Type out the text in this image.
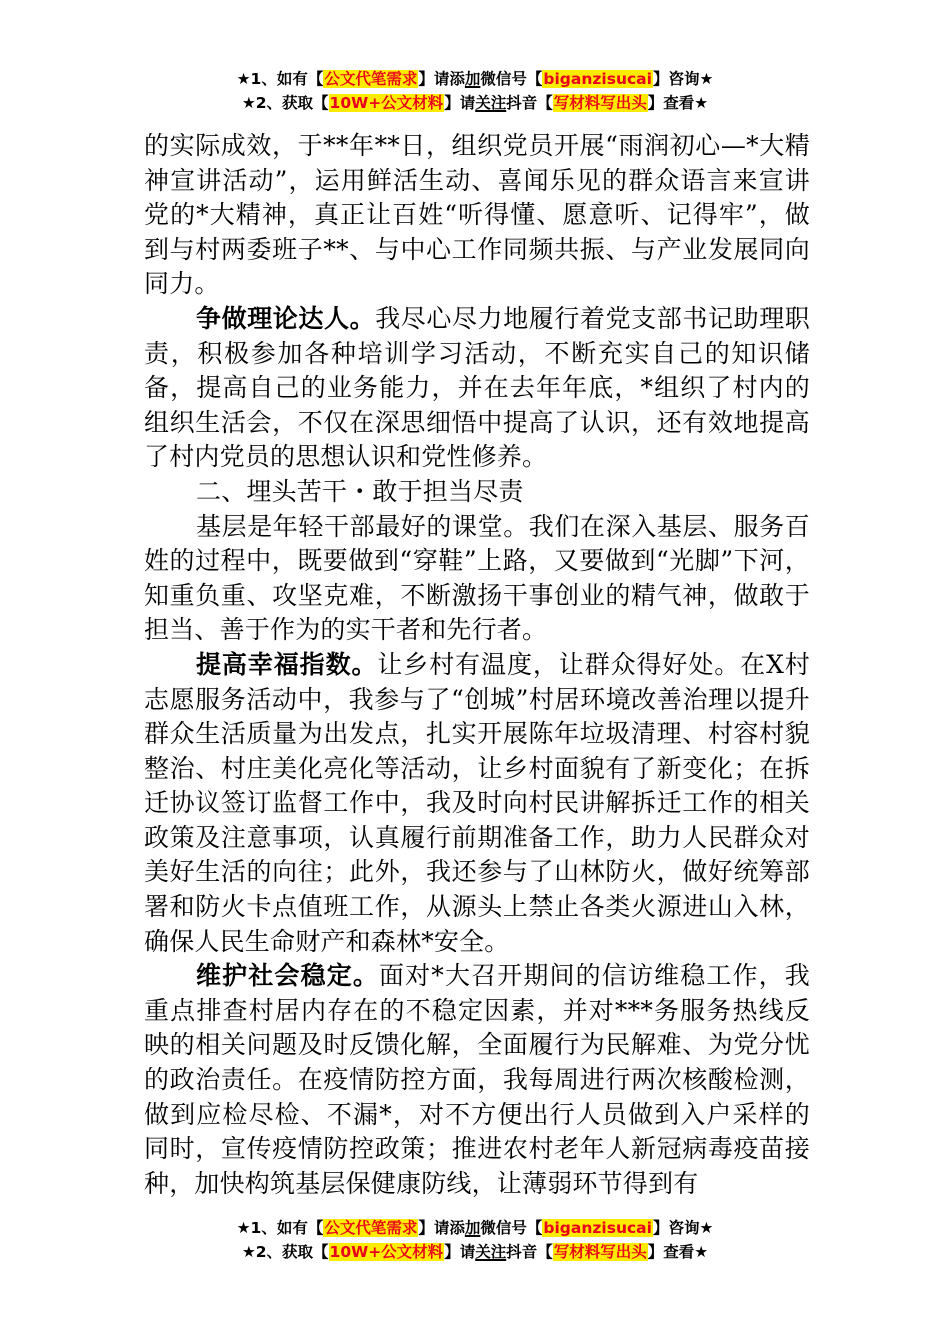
★1、如有【公文代笔需求】请添加微信号【biganzisucai】咨询★
★2、获取【10W+公文材料】请关注抖音【写材料写出头】查看★

的实际成效，于**年**日，组织党员开展“雨润初心—*大精神宣讲活动”，运用鲜活生动、喜闻乐见的群众语言来宣讲党的*大精神，真正让百姓“听得懂、愿意听、记得牢”，做到与村两委班子**、与中心工作同频共振、与产业发展同向同力。

争做理论达人。我尽心尽力地履行着党支部书记助理职责，积极参加各种培训学习活动，不断充实自己的知识储备，提高自己的业务能力，并在去年年底，*组织了村内的组织生活会，不仅在深思细悟中提高了认识，还有效地提高了村内党员的思想认识和党性修养。

二、埋头苦干・敢于担当尽责

基层是年轻干部最好的课堂。我们在深入基层、服务百姓的过程中，既要做到“穿鞋”上路，又要做到“光脚”下河，知重负重、攻坚克难，不断激扬干事创业的精气神，做敢于担当、善于作为的实干者和先行者。

提高幸福指数。让乡村有温度，让群众得好处。在X村志愿服务活动中，我参与了“创城”村居环境改善治理以提升群众生活质量为出发点，扎实开展陈年垃圾清理、村容村貌整治、村庄美化亮化等活动，让乡村面貌有了新变化；在拆迁协议签订监督工作中，我及时向村民讲解拆迁工作的相关政策及注意事项，认真履行前期准备工作，助力人民群众对美好生活的向往；此外，我还参与了山林防火，做好统筹部署和防火卡点值班工作，从源头上禁止各类火源进山入林，确保人民生命财产和森林*安全。

维护社会稳定。面对*大召开期间的信访维稳工作，我重点排查村居内存在的不稳定因素，并对***务服务热线反映的相关问题及时反馈化解，全面履行为民解难、为党分忧的政治责任。在疫情防控方面，我每周进行两次核酸检测，做到应检尽检、不漏*，对不方便出行人员做到入户采样的同时，宣传疫情防控政策；推进农村老年人新冠病毒疫苗接种，加快构筑基层保健康防线，让薄弱环节得到有

★1、如有【公文代笔需求】请添加微信号【biganzisucai】咨询★
★2、获取【10W+公文材料】请关注抖音【写材料写出头】查看★
